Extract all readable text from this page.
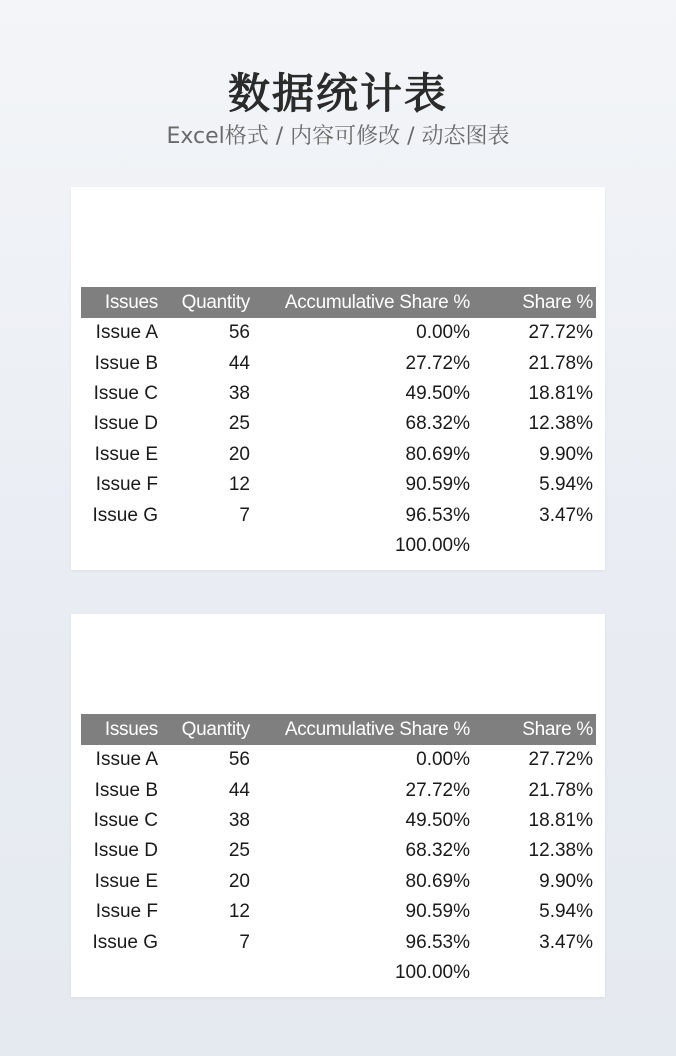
数据统计表
Excel格式 / 内容可修改 / 动态图表
Issues	Quantity	Accumulative Share %	Share %
Issue A	56	0.00%	27.72%
Issue B	44	27.72%	21.78%
Issue C	38	49.50%	18.81%
Issue D	25	68.32%	12.38%
Issue E	20	80.69%	9.90%
Issue F	12	90.59%	5.94%
Issue G	7	96.53%	3.47%
		100.00%	
Issues	Quantity	Accumulative Share %	Share %
Issue A	56	0.00%	27.72%
Issue B	44	27.72%	21.78%
Issue C	38	49.50%	18.81%
Issue D	25	68.32%	12.38%
Issue E	20	80.69%	9.90%
Issue F	12	90.59%	5.94%
Issue G	7	96.53%	3.47%
		100.00%	
